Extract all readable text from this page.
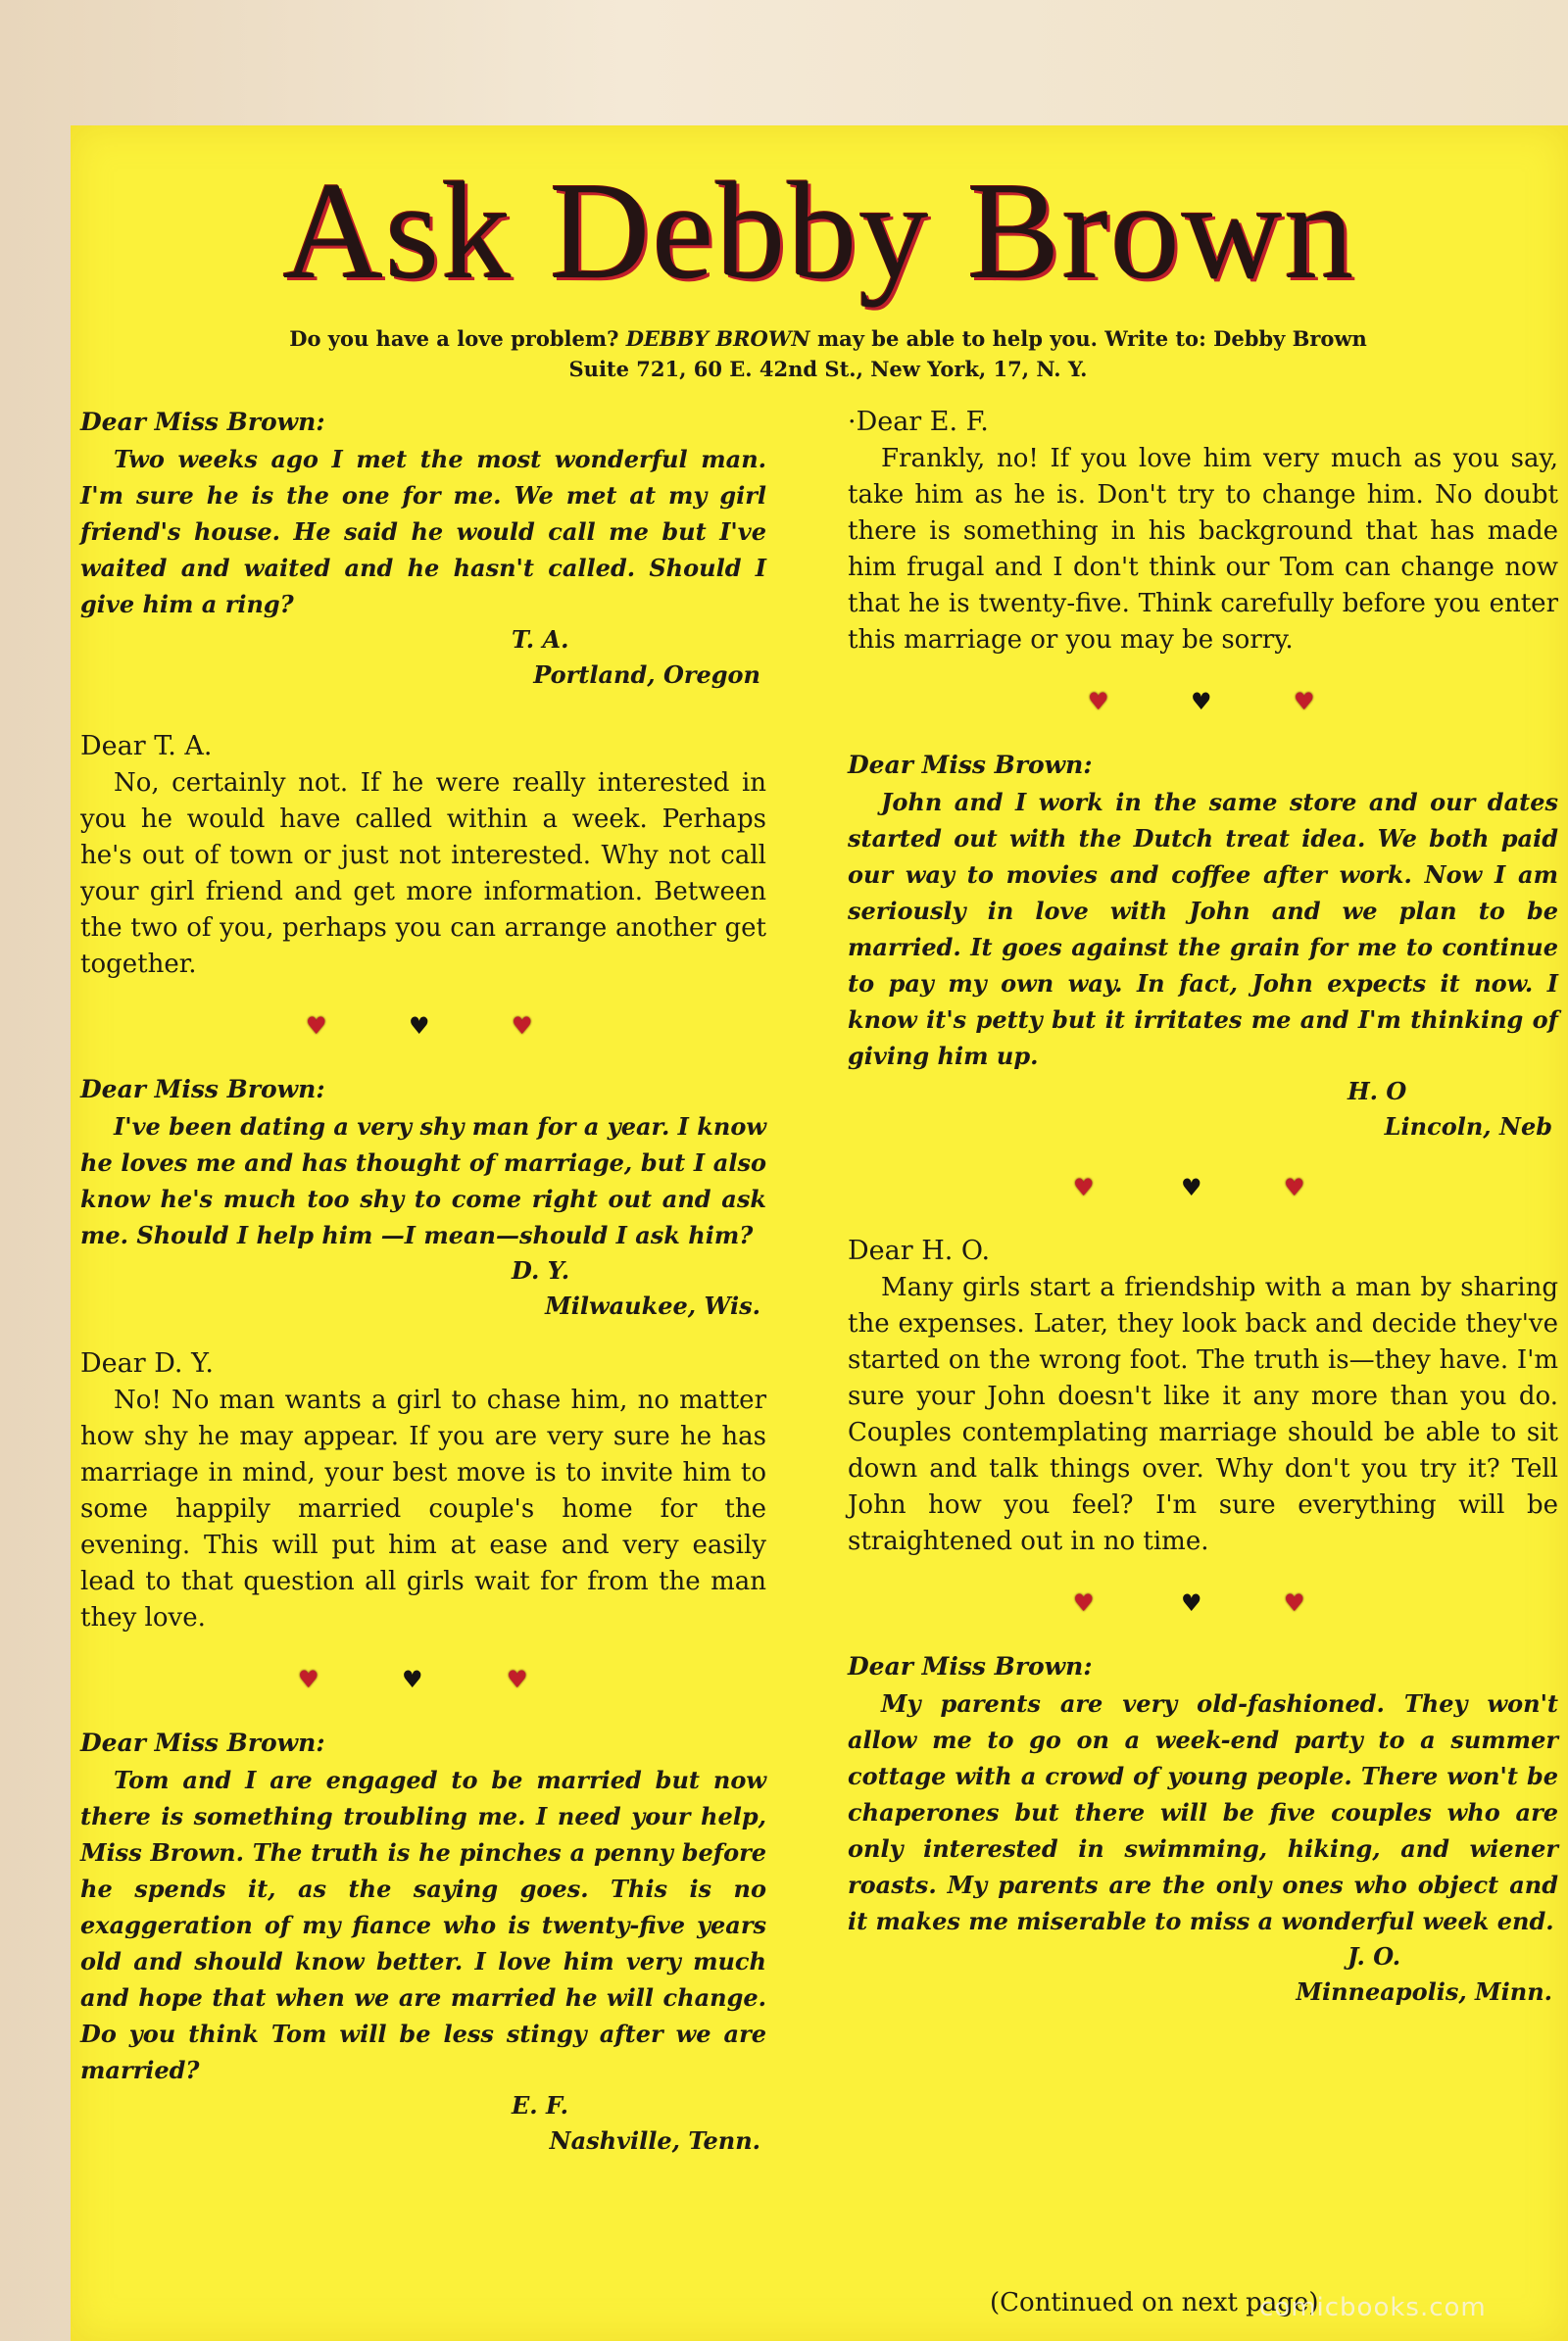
Ask Debby Brown
Do you have a love problem? DEBBY BROWN may be able to help you. Write to: Debby Brown
Suite 721, 60 E. 42nd St., New York, 17, N. Y.

Dear Miss Brown:

Two weeks ago I met the most wonderful man. I'm sure he is the one for me. We met at my girl friend's house. He said he would call me but I've waited and waited and he hasn't called. Should I give him a ring?

T. A.
Portland, Oregon

Dear T. A.

No, certainly not. If he were really interested in you he would have called within a week. Perhaps he's out of town or just not interested. Why not call your girl friend and get more information. Between the two of you, perhaps you can arrange another get together.

♥	♥	♥

Dear Miss Brown:

I've been dating a very shy man for a year. I know he loves me and has thought of marriage, but I also know he's much too shy to come right out and ask me. Should I help him —I mean—should I ask him?

D. Y.
Milwaukee, Wis.

Dear D. Y.

No! No man wants a girl to chase him, no matter how shy he may appear. If you are very sure he has marriage in mind, your best move is to invite him to some happily married couple's home for the evening. This will put him at ease and very easily lead to that question all girls wait for from the man they love.

♥	♥	♥

Dear Miss Brown:

Tom and I are engaged to be married but now there is something troubling me. I need your help, Miss Brown. The truth is he pinches a penny before he spends it, as the saying goes. This is no exaggeration of my fiance who is twenty-five years old and should know better. I love him very much and hope that when we are married he will change. Do you think Tom will be less stingy after we are married?

E. F.
Nashville, Tenn.

·Dear E. F.

Frankly, no! If you love him very much as you say, take him as he is. Don't try to change him. No doubt there is something in his background that has made him frugal and I don't think our Tom can change now that he is twenty-five. Think carefully before you enter this marriage or you may be sorry.

♥	♥	♥

Dear Miss Brown:

John and I work in the same store and our dates started out with the Dutch treat idea. We both paid our way to movies and coffee after work. Now I am seriously in love with John and we plan to be married. It goes against the grain for me to continue to pay my own way. In fact, John expects it now. I know it's petty but it irritates me and I'm thinking of giving him up.

H. O
Lincoln, Neb
♥	♥	♥

Dear H. O.

Many girls start a friendship with a man by sharing the expenses. Later, they look back and decide they've started on the wrong foot. The truth is—they have. I'm sure your John doesn't like it any more than you do. Couples contemplating marriage should be able to sit down and talk things over. Why don't you try it? Tell John how you feel? I'm sure everything will be straightened out in no time.

♥	♥	♥

Dear Miss Brown:

My parents are very old-fashioned. They won't allow me to go on a week-end party to a summer cottage with a crowd of young people. There won't be chaperones but there will be five couples who are only interested in swimming, hiking, and wiener roasts. My parents are the only ones who object and it makes me miserable to miss a wonderful week end.

J. O.
Minneapolis, Minn.
(Continued on next page)
comicbooks.com
